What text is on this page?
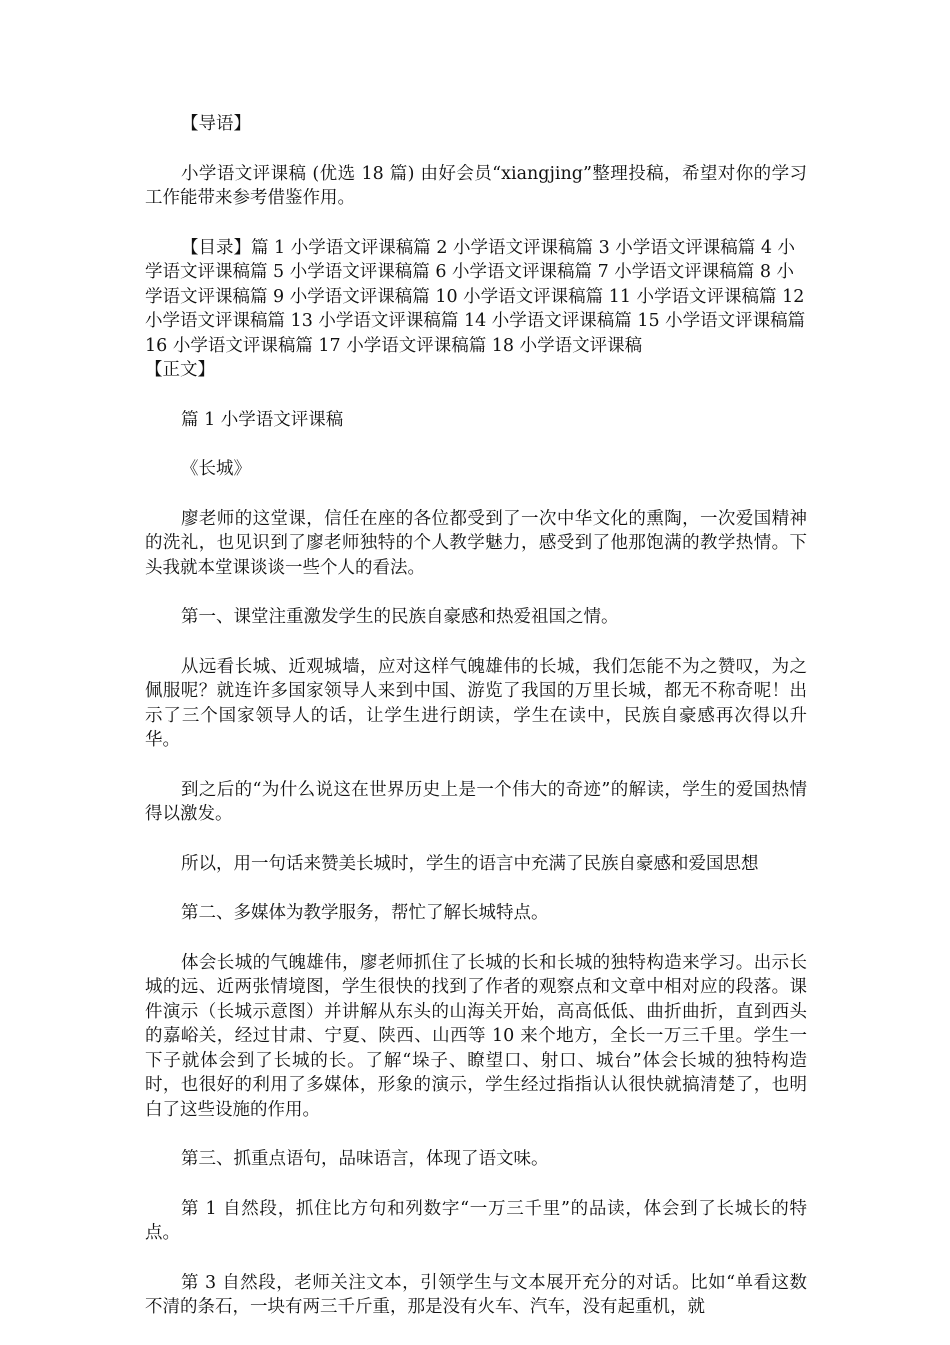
【导语】

小学语文评课稿 (优选 18 篇) 由好会员“xiangjing”整理投稿，希望对你的学习工作能带来参考借鉴作用。

【目录】篇 1 小学语文评课稿篇 2 小学语文评课稿篇 3 小学语文评课稿篇 4 小学语文评课稿篇 5 小学语文评课稿篇 6 小学语文评课稿篇 7 小学语文评课稿篇 8 小学语文评课稿篇 9 小学语文评课稿篇 10 小学语文评课稿篇 11 小学语文评课稿篇 12 小学语文评课稿篇 13 小学语文评课稿篇 14 小学语文评课稿篇 15 小学语文评课稿篇 16 小学语文评课稿篇 17 小学语文评课稿篇 18 小学语文评课稿

【正文】

篇 1 小学语文评课稿

《长城》

廖老师的这堂课，信任在座的各位都受到了一次中华文化的熏陶，一次爱国精神的洗礼，也见识到了廖老师独特的个人教学魅力，感受到了他那饱满的教学热情。下头我就本堂课谈谈一些个人的看法。

第一、课堂注重激发学生的民族自豪感和热爱祖国之情。

从远看长城、近观城墙，应对这样气魄雄伟的长城，我们怎能不为之赞叹，为之佩服呢？就连许多国家领导人来到中国、游览了我国的万里长城，都无不称奇呢！出示了三个国家领导人的话，让学生进行朗读，学生在读中，民族自豪感再次得以升华。

到之后的“为什么说这在世界历史上是一个伟大的奇迹”的解读，学生的爱国热情得以激发。

所以，用一句话来赞美长城时，学生的语言中充满了民族自豪感和爱国思想

第二、多媒体为教学服务，帮忙了解长城特点。

体会长城的气魄雄伟，廖老师抓住了长城的长和长城的独特构造来学习。出示长城的远、近两张情境图，学生很快的找到了作者的观察点和文章中相对应的段落。课件演示（长城示意图）并讲解从东头的山海关开始，高高低低、曲折曲折，直到西头的嘉峪关，经过甘肃、宁夏、陕西、山西等 10 来个地方，全长一万三千里。学生一下子就体会到了长城的长。了解“垛子、瞭望口、射口、城台”体会长城的独特构造时，也很好的利用了多媒体，形象的演示，学生经过指指认认很快就搞清楚了，也明白了这些设施的作用。

第三、抓重点语句，品味语言，体现了语文味。

第 1 自然段，抓住比方句和列数字“一万三千里”的品读，体会到了长城长的特点。

第 3 自然段，老师关注文本，引领学生与文本展开充分的对话。比如“单看这数不清的条石，一块有两三千斤重，那是没有火车、汽车，没有起重机，就
